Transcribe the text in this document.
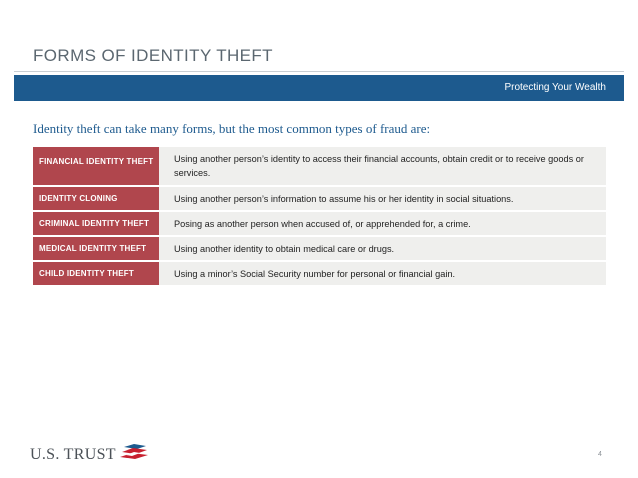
FORMS OF IDENTITY THEFT
Protecting Your Wealth
Identity theft can take many forms, but the most common types of fraud are:
FINANCIAL IDENTITY THEFT	Using another person’s identity to access their financial accounts, obtain credit or to receive goods or services.
IDENTITY CLONING	Using another person’s information to assume his or her identity in social situations.
CRIMINAL IDENTITY THEFT	Posing as another person when accused of, or apprehended for, a crime.
MEDICAL IDENTITY THEFT	Using another identity to obtain medical care or drugs.
CHILD IDENTITY THEFT	Using a minor’s Social Security number for personal or financial gain.
U.S. TRUST	4
